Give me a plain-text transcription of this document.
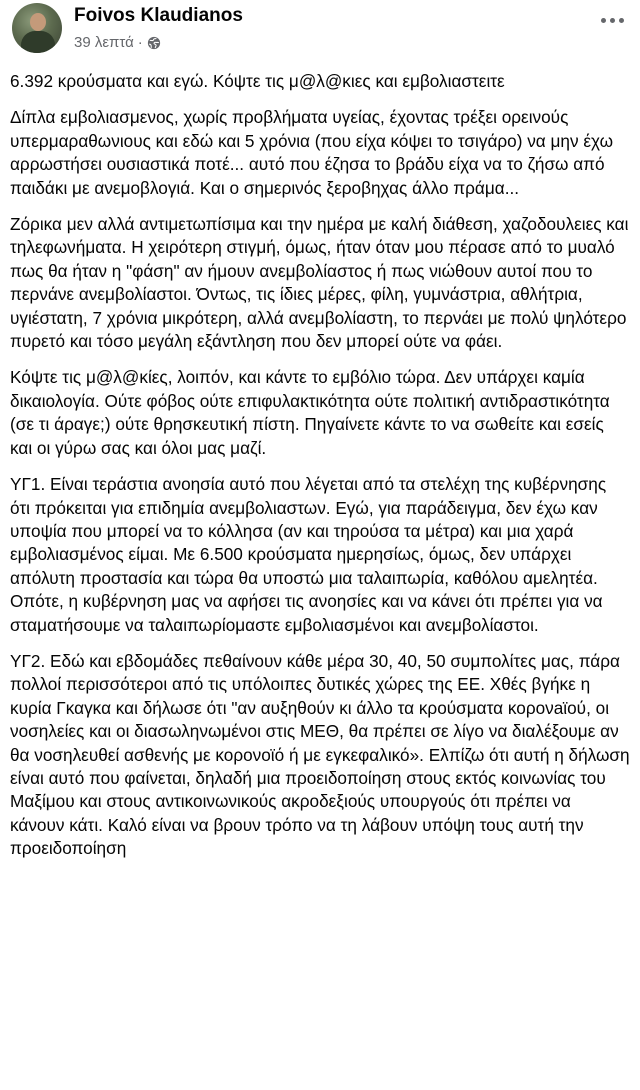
Foivos Klaudianos
39 λεπτά ·

6.392 κρούσματα και εγώ. Κόψτε τις μ@λ@κιες και εμβολιαστειτε

Δίπλα εμβολιασμενος, χωρίς προβλήματα υγείας, έχοντας τρέξει ορεινούς υπερμαραθωνιους και εδώ και 5 χρόνια (που είχα κόψει το τσιγάρο) να μην έχω αρρωστήσει ουσιαστικά ποτέ... αυτό που έζησα το βράδυ είχα να το ζήσω από παιδάκι με ανεμοβλογιά. Και ο σημερινός ξεροβηχας άλλο πράμα...

Ζόρικα μεν αλλά αντιμετωπίσιμα και την ημέρα με καλή διάθεση, χαζοδουλειες και τηλεφωνήματα. Η χειρότερη στιγμή, όμως, ήταν όταν μου πέρασε από το μυαλό πως θα ήταν η "φάση" αν ήμουν ανεμβολίαστος ή πως νιώθουν αυτοί που το περνάνε ανεμβολίαστοι. Όντως, τις ίδιες μέρες, φίλη, γυμνάστρια, αθλήτρια, υγιέστατη, 7 χρόνια μικρότερη, αλλά ανεμβολίαστη, το περνάει με πολύ ψηλότερο πυρετό και τόσο μεγάλη εξάντληση που δεν μπορεί ούτε να φάει.

Κόψτε τις μ@λ@κίες, λοιπόν, και κάντε το εμβόλιο τώρα. Δεν υπάρχει καμία δικαιολογία. Ούτε φόβος ούτε επιφυλακτικότητα ούτε πολιτική αντιδραστικότητα (σε τι άραγε;) ούτε θρησκευτική πίστη. Πηγαίνετε κάντε το να σωθείτε και εσείς και οι γύρω σας και όλοι μας μαζί.

ΥΓ1. Είναι τεράστια ανοησία αυτό που λέγεται από τα στελέχη της κυβέρνησης ότι πρόκειται για επιδημία ανεμβολιαστων. Εγώ, για παράδειγμα, δεν έχω καν υποψία που μπορεί να το κόλλησα (αν και τηρούσα τα μέτρα) και μια χαρά εμβολιασμένος είμαι. Με 6.500 κρούσματα ημερησίως, όμως, δεν υπάρχει απόλυτη προστασία και τώρα θα υποστώ μια ταλαιπωρία, καθόλου αμελητέα. Οπότε, η κυβέρνηση μας να αφήσει τις ανοησίες και να κάνει ότι πρέπει για να σταματήσουμε να ταλαιπωρίομαστε εμβολιασμένοι και ανεμβολίαστοι.

ΥΓ2. Εδώ και εβδομάδες πεθαίνουν κάθε μέρα 30, 40, 50 συμπολίτες μας, πάρα πολλοί περισσότεροι από τις υπόλοιπες δυτικές χώρες της ΕΕ. Χθές βγήκε η κυρία Γκαγκα και δήλωσε ότι "αν αυξηθούν κι άλλο τα κρούσματα κορονaϊού, οι νοσηλείες και οι διασωληνωμένοι στις ΜΕΘ, θα πρέπει σε λίγο να διαλέξουμε αν θα νοσηλευθεί ασθενής με κορονοϊό ή με εγκεφαλικό». Ελπίζω ότι αυτή η δήλωση είναι αυτό που φαίνεται, δηλαδή μια προειδοποίηση στους εκτός κοινωνίας του Μαξίμου και στους αντικοινωνικούς ακροδεξιούς υπουργούς ότι πρέπει να κάνουν κάτι. Καλό είναι να βρουν τρόπο να τη λάβουν υπόψη τους αυτή την προειδοποίηση
